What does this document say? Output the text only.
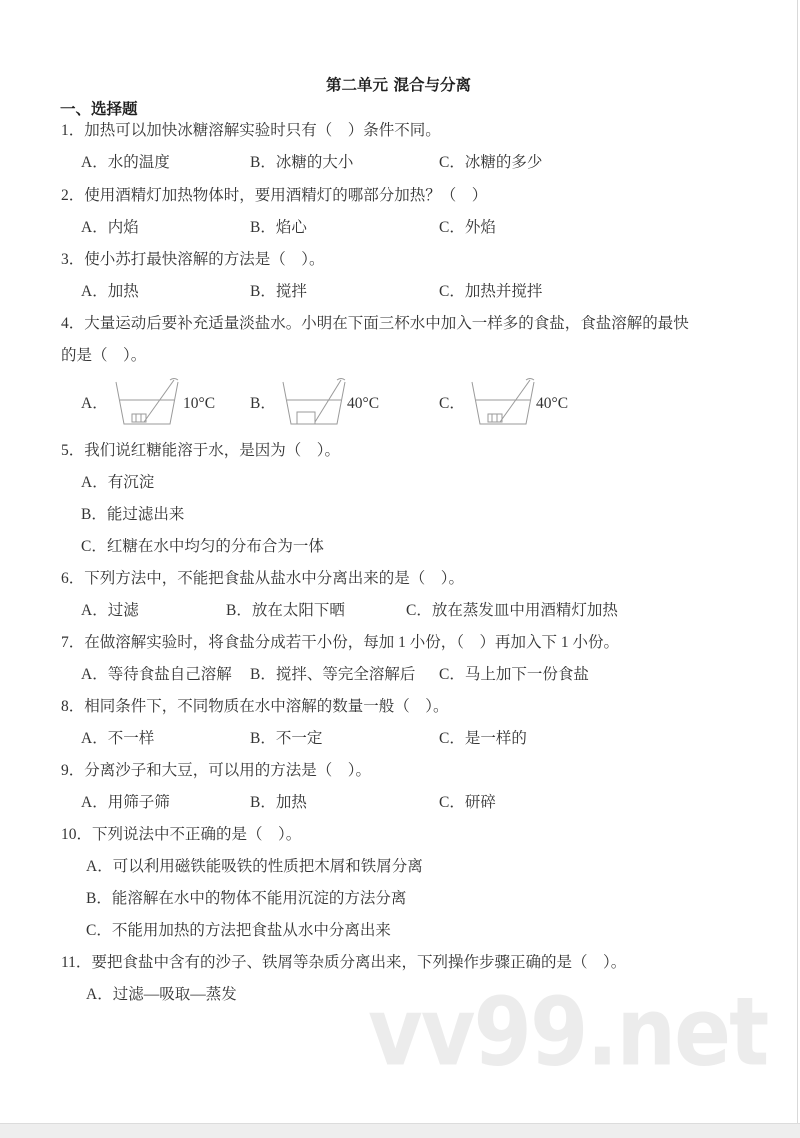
vv99.net
第二单元 混合与分离
一、选择题
1．加热可以加快冰糖溶解实验时只有（　）条件不同。
A．水的温度	B．冰糖的大小	C．冰糖的多少
2．使用酒精灯加热物体时，要用酒精灯的哪部分加热？（　）
A．内焰	B．焰心	C．外焰
3．使小苏打最快溶解的方法是（　）。
A．加热	B．搅拌	C．加热并搅拌
4．大量运动后要补充适量淡盐水。小明在下面三杯水中加入一样多的食盐，食盐溶解的最快
的是（　）。
A．	10°C B．	40°C	C．	40°C
5．我们说红糖能溶于水，是因为（　）。
A．有沉淀
B．能过滤出来
C．红糖在水中均匀的分布合为一体
6．下列方法中，不能把食盐从盐水中分离出来的是（　）。
A．过滤	B．放在太阳下晒	C．放在蒸发皿中用酒精灯加热
7．在做溶解实验时，将食盐分成若干小份，每加 1 小份，（　）再加入下 1 小份。
A．等待食盐自己溶解 B．搅拌、等完全溶解后 C．马上加下一份食盐
8．相同条件下，不同物质在水中溶解的数量一般（　）。
A．不一样	B．不一定	C．是一样的
9．分离沙子和大豆，可以用的方法是（　）。
A．用筛子筛	B．加热	C．研碎
10．下列说法中不正确的是（　）。
A．可以利用磁铁能吸铁的性质把木屑和铁屑分离
B．能溶解在水中的物体不能用沉淀的方法分离
C．不能用加热的方法把食盐从水中分离出来
11．要把食盐中含有的沙子、铁屑等杂质分离出来，下列操作步骤正确的是（　）。
A．过滤—吸取—蒸发
